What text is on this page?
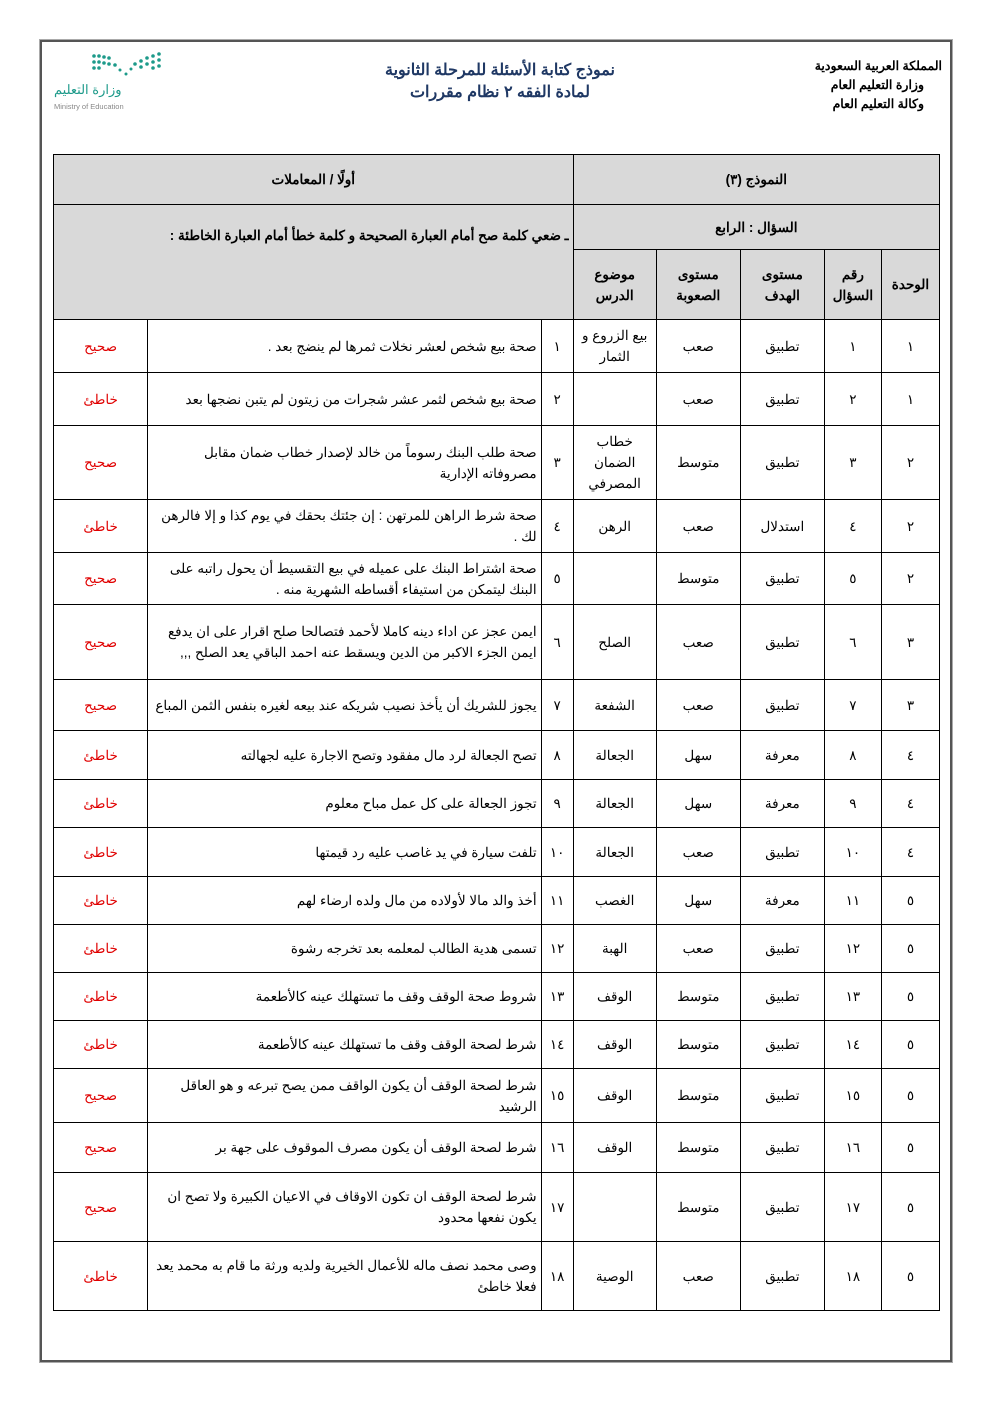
المملكة العربية السعودية
وزارة التعليم العام
وكالة التعليم العام
نموذج كتابة الأسئلة للمرحلة الثانوية
لمادة الفقه ٢ نظام مقررات
وزارة التعليم
Ministry of Education
النموذج (٣)					أولًا / المعاملات		
السؤال : الرابع					ـ ضعي كلمة صح أمام العبارة الصحيحة و كلمة خطأ أمام العبارة الخاطئة :		
الوحدة	رقم السؤال	مستوى الهدف	مستوى الصعوبة	موضوع الدرس			
١	١	تطبيق	صعب	بيع الزروع و الثمار	١	صحة بيع شخص لعشر نخلات ثمرها لم ينضج بعد .	صحيح
١	٢	تطبيق	صعب		٢	صحة بيع شخص لثمر عشر شجرات من زيتون لم يتبن نضجها بعد	خاطئ
٢	٣	تطبيق	متوسط	خطاب الضمان المصرفي	٣	صحة طلب البنك رسوماً من خالد لإصدار خطاب ضمان مقابل مصروفاته الإدارية	صحيح
٢	٤	استدلال	صعب	الرهن	٤	صحة شرط الراهن للمرتهن : إن جئتك بحقك في يوم كذا و إلا فالرهن لك .	خاطئ
٢	٥	تطبيق	متوسط		٥	صحة اشتراط البنك على عميله في بيع التقسيط أن يحول راتبه على البنك ليتمكن من استيفاء أقساطه الشهرية منه .	صحيح
٣	٦	تطبيق	صعب	الصلح	٦	ايمن عجز عن اداء دينه كاملا لأحمد فتصالحا صلح اقرار على ان يدفع ايمن الجزء الاكبر من الدين ويسقط عنه احمد الباقي يعد الصلح ,,,	صحيح
٣	٧	تطبيق	صعب	الشفعة	٧	يجوز للشريك أن يأخذ نصيب شريكه عند بيعه لغيره بنفس الثمن المباع	صحيح
٤	٨	معرفة	سهل	الجعالة	٨	تصح الجعالة لرد مال مفقود وتصح الاجارة عليه لجهالته	خاطئ
٤	٩	معرفة	سهل	الجعالة	٩	تجوز الجعالة على كل عمل مباح معلوم	خاطئ
٤	١٠	تطبيق	صعب	الجعالة	١٠	تلفت سيارة في يد غاصب عليه رد قيمتها	خاطئ
٥	١١	معرفة	سهل	الغصب	١١	أخذ والد مالا لأولاده من مال ولده ارضاء لهم	خاطئ
٥	١٢	تطبيق	صعب	الهبة	١٢	تسمى هدية الطالب لمعلمه بعد تخرجه رشوة	خاطئ
٥	١٣	تطبيق	متوسط	الوقف	١٣	شروط صحة الوقف وقف ما تستهلك عينه كالأطعمة	خاطئ
٥	١٤	تطبيق	متوسط	الوقف	١٤	شرط لصحة الوقف وقف ما تستهلك عينه كالأطعمة	خاطئ
٥	١٥	تطبيق	متوسط	الوقف	١٥	شرط لصحة الوقف أن يكون الواقف ممن يصح تبرعه و هو العاقل الرشيد	صحيح
٥	١٦	تطبيق	متوسط	الوقف	١٦	شرط لصحة الوقف أن يكون مصرف الموقوف على جهة بر	صحيح
٥	١٧	تطبيق	متوسط		١٧	شرط لصحة الوقف ان تكون الاوقاف في الاعيان الكبيرة ولا تصح ان يكون نفعها محدود	صحيح
٥	١٨	تطبيق	صعب	الوصية	١٨	وصى محمد نصف ماله للأعمال الخيرية ولديه ورثة ما قام به محمد يعد فعلا خاطئ	خاطئ
